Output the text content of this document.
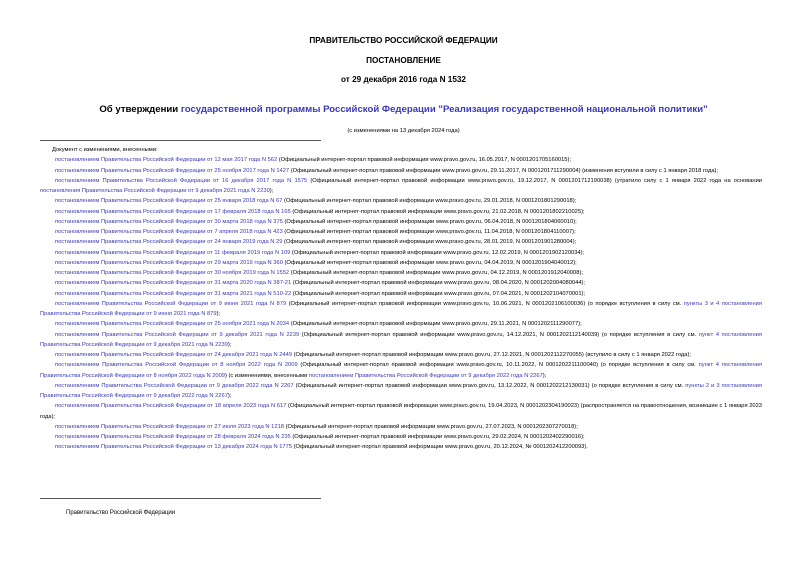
ПРАВИТЕЛЬСТВО РОССИЙСКОЙ ФЕДЕРАЦИИ
ПОСТАНОВЛЕНИЕ
от 29 декабря 2016 года N 1532
Об утверждении государственной программы Российской Федерации "Реализация государственной национальной политики"
(с изменениями на 13 декабря 2024 года)

Документ с изменениями, внесенными:

постановлением Правительства Российской Федерации от 12 мая 2017 года N 562 (Официальный интернет-портал правовой информации www.pravo.gov.ru, 16.05.2017, N 0001201705160015);

постановлением Правительства Российской Федерации от 25 ноября 2017 года N 1427 (Официальный интернет-портал правовой информации www.pravo.gov.ru, 29.11.2017, N 0001201711290004) (изменения вступили в силу с 1 января 2018 года);

постановлением Правительства Российской Федерации от 16 декабря 2017 года N 1575 (Официальный интернет-портал правовой информации www.pravo.gov.ru, 19.12.2017, N 0001201712190038) (утратило силу с 1 января 2022 года на основании постановления Правительства Российской Федерации от 9 декабря 2021 года N 2239);

постановлением Правительства Российской Федерации от 25 января 2018 года N 67 (Официальный интернет-портал правовой информации www.pravo.gov.ru, 29.01.2018, N 0001201801290018);

постановлением Правительства Российской Федерации от 17 февраля 2018 года N 165 (Официальный интернет-портал правовой информации www.pravo.gov.ru, 21.02.2018, N 0001201802210025);

постановлением Правительства Российской Федерации от 30 марта 2018 года N 375 (Официальный интернет-портал правовой информации www.pravo.gov.ru, 06.04.2018, N 0001201804060010);

постановлением Правительства Российской Федерации от 7 апреля 2018 года N 423 (Официальный интернет-портал правовой информации www.pravo.gov.ru, 11.04.2018, N 0001201804110007);

постановлением Правительства Российской Федерации от 24 января 2019 года N 29 (Официальный интернет-портал правовой информации www.pravo.gov.ru, 28.01.2019, N 0001201901280004);

постановлением Правительства Российской Федерации от 11 февраля 2019 года N 109 (Официальный интернет-портал правовой информации www.pravo.gov.ru, 12.02.2019, N 0001201902120034);

постановлением Правительства Российской Федерации от 29 марта 2019 года N 360 (Официальный интернет-портал правовой информации www.pravo.gov.ru, 04.04.2019, N 0001201904040012);

постановлением Правительства Российской Федерации от 30 ноября 2019 года N 1552 (Официальный интернет-портал правовой информации www.pravo.gov.ru, 04.12.2019, N 0001201912040008);

постановлением Правительства Российской Федерации от 31 марта 2020 года N 387-21 (Официальный интернет-портал правовой информации www.pravo.gov.ru, 08.04.2020, N 0001202004080044);

постановлением Правительства Российской Федерации от 31 марта 2021 года N 510-22 (Официальный интернет-портал правовой информации www.pravo.gov.ru, 07.04.2021, N 0001202104070001);

постановлением Правительства Российской Федерации от 9 июня 2021 года N 879 (Официальный интернет-портал правовой информации www.pravo.gov.ru, 10.06.2021, N 0001202106100036) (о порядке вступления в силу см. пункты 3 и 4 постановления Правительства Российской Федерации от 9 июня 2021 года N 879);

постановлением Правительства Российской Федерации от 25 ноября 2021 года N 2034 (Официальный интернет-портал правовой информации www.pravo.gov.ru, 29.11.2021, N 0001202111290077);

постановлением Правительства Российской Федерации от 9 декабря 2021 года N 2239 (Официальный интернет-портал правовой информации www.pravo.gov.ru, 14.12.2021, N 0001202112140039) (о порядке вступления в силу см. пункт 4 постановления Правительства Российской Федерации от 9 декабря 2021 года N 2239);

постановлением Правительства Российской Федерации от 24 декабря 2021 года N 2449 (Официальный интернет-портал правовой информации www.pravo.gov.ru, 27.12.2021, N 0001202112270055) (вступило в силу с 1 января 2022 года);

постановлением Правительства Российской Федерации от 8 ноября 2022 года N 2009 (Официальный интернет-портал правовой информации www.pravo.gov.ru, 10.11.2022, N 0001202211100040) (о порядке вступления в силу см. пункт 4 постановления Правительства Российской Федерации от 8 ноября 2022 года N 2009) (с изменениями, внесенными постановлением Правительства Российской Федерации от 9 декабря 2022 года N 2267);

постановлением Правительства Российской Федерации от 9 декабря 2022 года N 2267 (Официальный интернет-портал правовой информации www.pravo.gov.ru, 13.12.2022, N 0001202212130031) (о порядке вступления в силу см. пункты 2 и 3 постановления Правительства Российской Федерации от 9 декабря 2022 года N 2267);

постановлением Правительства Российской Федерации от 18 апреля 2023 года N 617 (Официальный интернет-портал правовой информации www.pravo.gov.ru, 19.04.2023, N 0001202304190023) (распространяется на правоотношения, возникшие с 1 января 2023 года);

постановлением Правительства Российской Федерации от 27 июля 2023 года N 1218 (Официальный интернет-портал правовой информации www.pravo.gov.ru, 27.07.2023, N 0001202307270018);

постановлением Правительства Российской Федерации от 28 февраля 2024 года N 235 (Официальный интернет-портал правовой информации www.pravo.gov.ru, 29.02.2024, N 0001202402290016);

постановлением Правительства Российской Федерации от 13 декабря 2024 года N 1775 (Официальный интернет-портал правовой информации www.pravo.gov.ru, 20.12.2024, № 0001202412200093).

Правительство Российской Федерации
